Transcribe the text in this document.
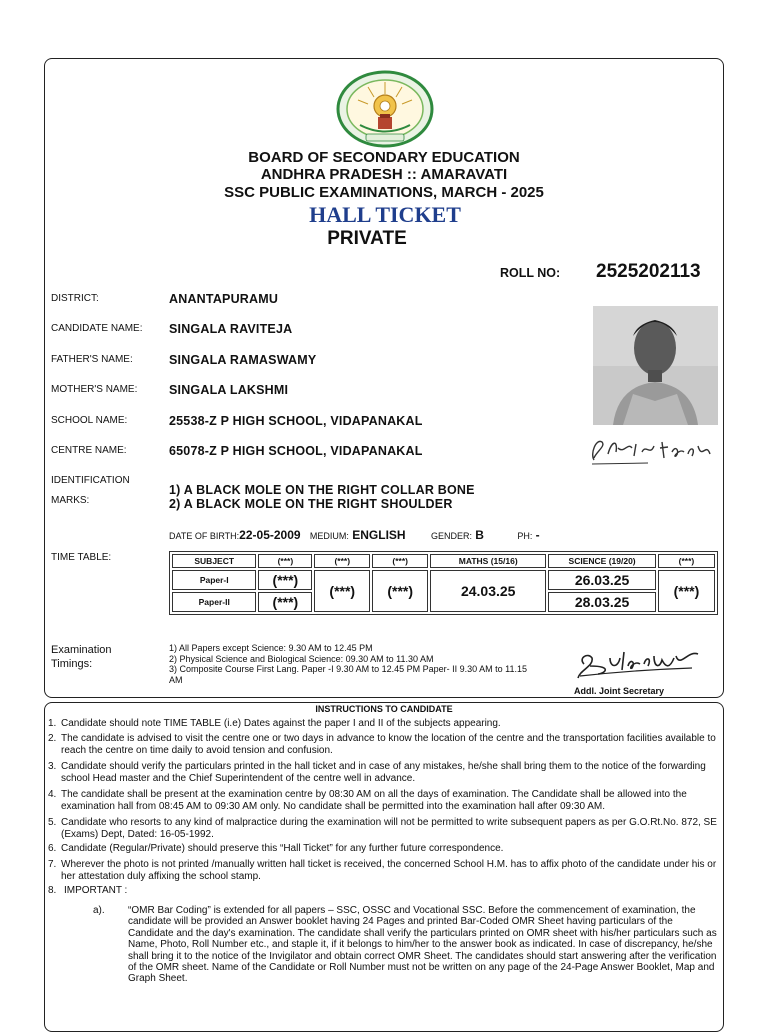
BOARD OF SECONDARY EDUCATION
ANDHRA PRADESH :: AMARAVATI
SSC PUBLIC EXAMINATIONS, MARCH - 2025
HALL TICKET
PRIVATE
ROLL NO: 2525202113
DISTRICT:	ANANTAPURAMU
CANDIDATE NAME: SINGALA RAVITEJA
FATHER'S NAME:	SINGALA RAMASWAMY
MOTHER'S NAME:	SINGALA LAKSHMI
SCHOOL NAME:	25538-Z P HIGH SCHOOL, VIDAPANAKAL
CENTRE NAME:	65078-Z P HIGH SCHOOL, VIDAPANAKAL
IDENTIFICATION
MARKS:
1) A BLACK MOLE ON THE RIGHT COLLAR BONE
2) A BLACK MOLE ON THE RIGHT SHOULDER
DATE OF BIRTH:22-05-2009 MEDIUM: ENGLISH	GENDER: B	PH: -
TIME TABLE:	SUBJECT	(***)	(***)	(***)	MATHS (15/16)	SCIENCE (19/20)	(***)
Paper-I	(***)	(***)	(***)	24.03.25	26.03.25	(***)
Paper-II	(***)				28.03.25	
Examination
Timings:
1) All Papers except Science: 9.30 AM to 12.45 PM
2) Physical Science and Biological Science: 09.30 AM to 11.30 AM
3) Composite Course First Lang. Paper -I 9.30 AM to 12.45 PM Paper- II 9.30 AM to 11.15
AM
Addl. Joint Secretary
INSTRUCTIONS TO CANDIDATE
1. Candidate should note TIME TABLE (i.e) Dates against the paper I and II of the subjects appearing.
2. The candidate is advised to visit the centre one or two days in advance to know the location of the centre and the transportation facilities available to reach the centre on time daily to avoid tension and confusion.
3. Candidate should verify the particulars printed in the hall ticket and in case of any mistakes, he/she shall bring them to the notice of the forwarding school Head master and the Chief Superintendent of the centre well in advance.
4. The candidate shall be present at the examination centre by 08:30 AM on all the days of examination. The Candidate shall be allowed into the examination hall from 08:45 AM to 09:30 AM only. No candidate shall be permitted into the examination hall after 09:30 AM.
5. Candidate who resorts to any kind of malpractice during the examination will not be permitted to write subsequent papers as per G.O.Rt.No. 872, SE (Exams) Dept, Dated: 16-05-1992.
6. Candidate (Regular/Private) should preserve this “Hall Ticket” for any further future correspondence.
7. Wherever the photo is not printed /manually written hall ticket is received, the concerned School H.M. has to affix photo of the candidate under his or her attestation duly affixing the school stamp.
8. IMPORTANT :
a). “OMR Bar Coding” is extended for all papers – SSC, OSSC and Vocational SSC. Before the commencement of examination, the candidate will be provided an Answer booklet having 24 Pages and printed Bar-Coded OMR Sheet having particulars of the Candidate and the day's examination. The candidate shall verify the particulars printed on OMR sheet with his/her particulars such as Name, Photo, Roll Number etc., and staple it, if it belongs to him/her to the answer book as indicated. In case of discrepancy, he/she shall bring it to the notice of the Invigilator and obtain correct OMR Sheet. The candidates should start answering after the verification of the OMR sheet. Name of the Candidate or Roll Number must not be written on any page of the 24-Page Answer Booklet, Map and Graph Sheet.
